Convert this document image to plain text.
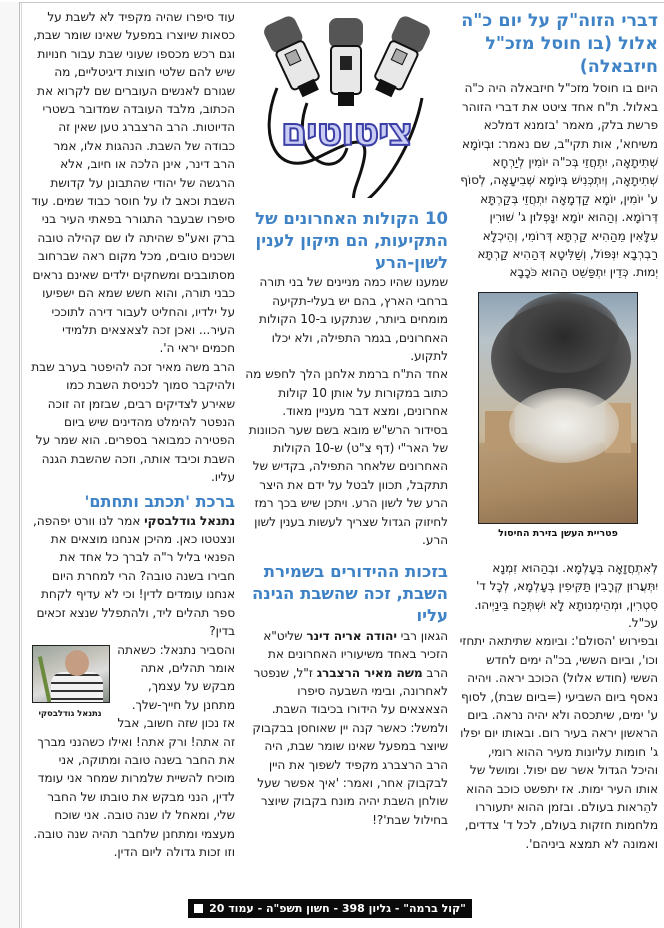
דברי הזוה"ק על יום כ"ה אלול (בו חוסל מזכ"ל חיזבאלה)

היום בו חוסל מזכ"ל חיזבאלה היה כ"ה באלול. ת"ח אחד ציטט את דברי הזוהר פרשת בלק, מאמר 'בזמנא דמלכא משיחא', אות תקי"ב, שם נאמר: וּבְיוֹמָא שְׁתִיתָאָה, יִתְחֲזֵי בְּכ"ה יוֹמִין לְיַרְחָא שְׁתִיתָאָה, וְיִתְכְּנִישׁ בְּיוֹמָא שְׁבִיעָאָה, לְסוֹף ע' יוֹמִין, יוֹמָא קַדְמָאָה יִתְחֲזֵי בְּקַרְתָּא דְּרוֹמָא. וְהַהוּא יוֹמָא יִנָּפְלוּן ג' שׁוּרִין עִלָּאִין מֵהַהִיא קַרְתָּא דְּרוֹמִי, וְהֵיכְלָא רַבְרְבָא יִנְּפּוֹל, וְשַׁלִּיטָא דְּהַהִיא קַרְתָּא יְמוּת. כְּדֵין יִתְפַּשֵּׁט הַהוּא כֹּכָבָא

פטריית העשן בזירת החיסול

לְאִתְחֲזָאָה בְּעָלְמָא. וּבְהַהוּא זִמְנָא יִתְּעֲרוּן קְרָבִין תַּקִּיפִין בְּעָלְמָא, לְכָל ד' סִטְרִין, וּמְהֵימְנוּתָא לָא יִשְׁתְּכַח בֵּינַיְיהוּ. עכ"ל.

ובפירוש 'הסולם': וביומא שתיתאה יתחזי וכו', וביום הששי, בכ"ה ימים לחדש הששי (חודש אלול) הכוכב יראה. ויהיה נאסף ביום השביעי (=ביום שבת), לסוף ע' ימים, שיתכסה ולא יהיה נראה. ביום הראשון יראה בעיר רום. ובאותו יום יפלו ג' חומות עליונות מעיר ההוא רומי, והיכל הגדול אשר שם יפול. ומושל של אותו העיר ימות. אז יתפשט כוכב ההוא להֵראות בעולם. ובזמן ההוא יתעוררו מלחמות חזקות בעולם, לכל ד' צדדים, ואמונה לא תמצא ביניהם'.

ציטוטים
10 הקולות האחרונים של התקיעות, הם תיקון לענין לשון-הרע

שמענו שהיו כמה מניינים של בני תורה ברחבי הארץ, בהם יש בעלי-תקיעה מומחים ביותר, שנתקעו ב-10 הקולות האחרונים, בגמר התפילה, ולא יכלו לתקוע.

אחד הת"ח ברמת אלחנן הלך לחפש מה כתוב במקורות על אותן 10 קולות אחרונים, ומצא דבר מעניין מאוד. בסידור הרש"ש מובא בשם שער הכוונות של האר"י (דף צ"ט) ש-10 הקולות האחרונים שלאחר התפילה, בקדיש של תתקבל, תכוון לבטל על ידם את היצר הרע של לשון הרע. ויתכן שיש בכך רמז לחיזוק הגדול שצריך לעשות בענין לשון הרע.

בזכות ההידורים בשמירת השבת, זכה שהשבת הגינה עליו

הגאון רבי יהודה אריה דינר שליט"א הזכיר באחד משיעוריו האחרונים את הרב משה מאיר הרצברג ז"ל, שנפטר לאחרונה, ובימי השבעה סיפרו הצאצאים על הידורו בכיבוד השבת.

ולמשל: כאשר קנה יין שאוחסן בבקבוק שיוצר במפעל שאינו שומר שבת, היה הרב הרצברג מקפיד לשפוך את היין לבקבוק אחר, ואמר: 'איך אפשר שעל שולחן השבת יהיה מונח בקבוק שיוצר בחילול שבת'?!

עוד סיפרו שהיה מקפיד לא לשבת על כסאות שיוצרו במפעל שאינו שומר שבת, וגם רכש מכספו שעוני שבת עבור חנויות שיש להם שלטי חוצות דיגיטליים, מה שגורם לאנשים העוברים שם לקרוא את הכתוב, מלבד העובדה שמדובר בשטרי הדיוטות. הרב הרצברג טען שאין זה כבודה של השבת. הנהגות אלו, אמר הרב דינר, אינן הלכה או חיוב, אלא הרגשה של יהודי שהתבונן על קדושת השבת וכאב לו על חוסר כבוד שמים. עוד סיפרו שבעבר התגורר בפאתי העיר בני ברק ואע"פ שהיתה לו שם קהילה טובה ושכנים טובים, מכל מקום ראה שברחוב מסתובבים ומשחקים ילדים שאינם נראים כבני תורה, והוא חשש שמא הם ישפיעו על ילדיו, והחליט לעבור דירה לתוככי העיר... ואכן זכה לצאצאים תלמידי חכמים יראי ה'.

הרב משה מאיר זכה להיפטר בערב שבת ולהיקבר סמוך לכניסת השבת כמו שאירע לצדיקים רבים, שבזמן זה זוכה הנפטר להימלט מהדינים שיש ביום הפטירה כמבואר בספרים. הוא שמר על השבת וכיבד אותה, וזכה שהשבת הגנה עליו.

ברכת 'תכתב ותחתם'

נתנאל גודלבסקי אמר לנו וורט יפהפה, ונצטטו כאן. מהיכן אנחנו מוצאים את הפנאי בליל ר"ה לברך כל אחד את חבירו בשנה טובה? הרי למחרת היום אנחנו עומדים לדין! וכי לא עדיף לקחת ספר תהלים ליד, ולהתפלל שנצא זכאים בדין?

נתנאל גודלבסקי

והסביר נתנאל: כשאתה אומר תהלים, אתה מבקש על עצמך, מתחנן על חייך-שלך. אז נכון שזה חשוב, אבל זה אתה! ורק אתה! ואילו כשהנני מברך את החבר בשנה טובה ומתוקה, אני מוכיח להשיית שלמרות שמחר אני עומד לדין, הנני מבקש את טובתו של החבר שלי, ומאחל לו שנה טובה. אני שוכח מעצמי ומתחנן שלחבר תהיה שנה טובה. וזו זכות גדולה ליום הדין.

"קול ברמה" - גליון 398 - חשון תשפ"ה - עמוד 20
